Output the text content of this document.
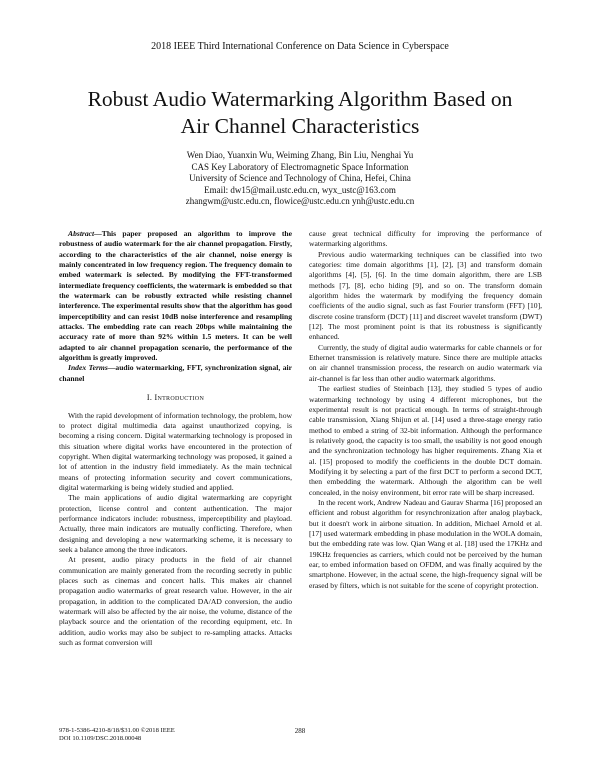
2018 IEEE Third International Conference on Data Science in Cyberspace
Robust Audio Watermarking Algorithm Based on
Air Channel Characteristics
Wen Diao, Yuanxin Wu, Weiming Zhang, Bin Liu, Nenghai Yu
CAS Key Laboratory of Electromagnetic Space Information
University of Science and Technology of China, Hefei, China
Email: dw15@mail.ustc.edu.cn, wyx_ustc@163.com
zhangwm@ustc.edu.cn, flowice@ustc.edu.cn ynh@ustc.edu.cn

Abstract—This paper proposed an algorithm to improve the robustness of audio watermark for the air channel propagation. Firstly, according to the characteristics of the air channel, noise energy is mainly concentrated in low frequency region. The frequency domain to embed watermark is selected. By modifying the FFT-transformed intermediate frequency coefficients, the watermark is embedded so that the watermark can be robustly extracted while resisting channel interference. The experimental results show that the algorithm has good imperceptibility and can resist 10dB noise interference and resampling attacks. The embedding rate can reach 20bps while maintaining the accuracy rate of more than 92% within 1.5 meters. It can be well adapted to air channel propagation scenario, the performance of the algorithm is greatly improved.

Index Terms—audio watermarking, FFT, synchronization signal, air channel

I. Introduction

With the rapid development of information technology, the problem, how to protect digital multimedia data against unauthorized copying, is becoming a rising concern. Digital watermarking technology is proposed in this situation where digital works have encountered in the protection of copyright. When digital watermarking technology was proposed, it gained a lot of attention in the industry field immediately. As the main technical means of protecting information security and covert communications, digital watermarking is being widely studied and applied.

The main applications of audio digital watermarking are copyright protection, license control and content authentication. The major performance indicators include: robustness, imperceptibility and playload. Actually, three main indicators are mutually conflicting. Therefore, when designing and developing a new watermarking scheme, it is necessary to seek a balance among the three indicators.

At present, audio piracy products in the field of air channel communication are mainly generated from the recording secretly in public places such as cinemas and concert halls. This makes air channel propagation audio watermarks of great research value. However, in the air propagation, in addition to the complicated DA/AD conversion, the audio watermark will also be affected by the air noise, the volume, distance of the playback source and the orientation of the recording equipment, etc. In addition, audio works may also be subject to re-sampling attacks. Attacks such as format conversion will

cause great technical difficulty for improving the performance of watermarking algorithms.

Previous audio watermarking techniques can be classified into two categories: time domain algorithms [1], [2], [3] and transform domain algorithms [4], [5], [6]. In the time domain algorithm, there are LSB methods [7], [8], echo hiding [9], and so on. The transform domain algorithm hides the watermark by modifying the frequency domain coefficients of the audio signal, such as fast Fourier transform (FFT) [10], discrete cosine transform (DCT) [11] and discreet wavelet transform (DWT) [12]. The most prominent point is that its robustness is significantly enhanced.

Currently, the study of digital audio watermarks for cable channels or for Ethernet transmission is relatively mature. Since there are multiple attacks on air channel transmission process, the research on audio watermark via air-channel is far less than other audio watermark algorithms.

The earliest studies of Steinbach [13], they studied 5 types of audio watermarking technology by using 4 different microphones, but the experimental result is not practical enough. In terms of straight-through cable transmission, Xiang Shijun et al. [14] used a three-stage energy ratio method to embed a string of 32-bit information. Although the performance is relatively good, the capacity is too small, the usability is not good enough and the synchronization technology has higher requirements. Zhang Xia et al. [15] proposed to modify the coefficients in the double DCT domain. Modifying it by selecting a part of the first DCT to perform a second DCT, then embedding the watermark. Although the algorithm can be well concealed, in the noisy environment, bit error rate will be sharp increased.

In the recent work, Andrew Nadeau and Gaurav Sharma [16] proposed an efficient and robust algorithm for resynchronization after analog playback, but it doesn't work in airbone situation. In addition, Michael Arnold et al. [17] used watermark embedding in phase modulation in the WOLA domain, but the embedding rate was low. Qian Wang et al. [18] used the 17KHz and 19KHz frequencies as carriers, which could not be perceived by the human ear, to embed information based on OFDM, and was finally acquired by the smartphone. However, in the actual scene, the high-frequency signal will be erased by filters, which is not suitable for the scene of copyright protection.

978-1-5386-4210-8/18/$31.00 ©2018 IEEE
DOI 10.1109/DSC.2018.00048
288
